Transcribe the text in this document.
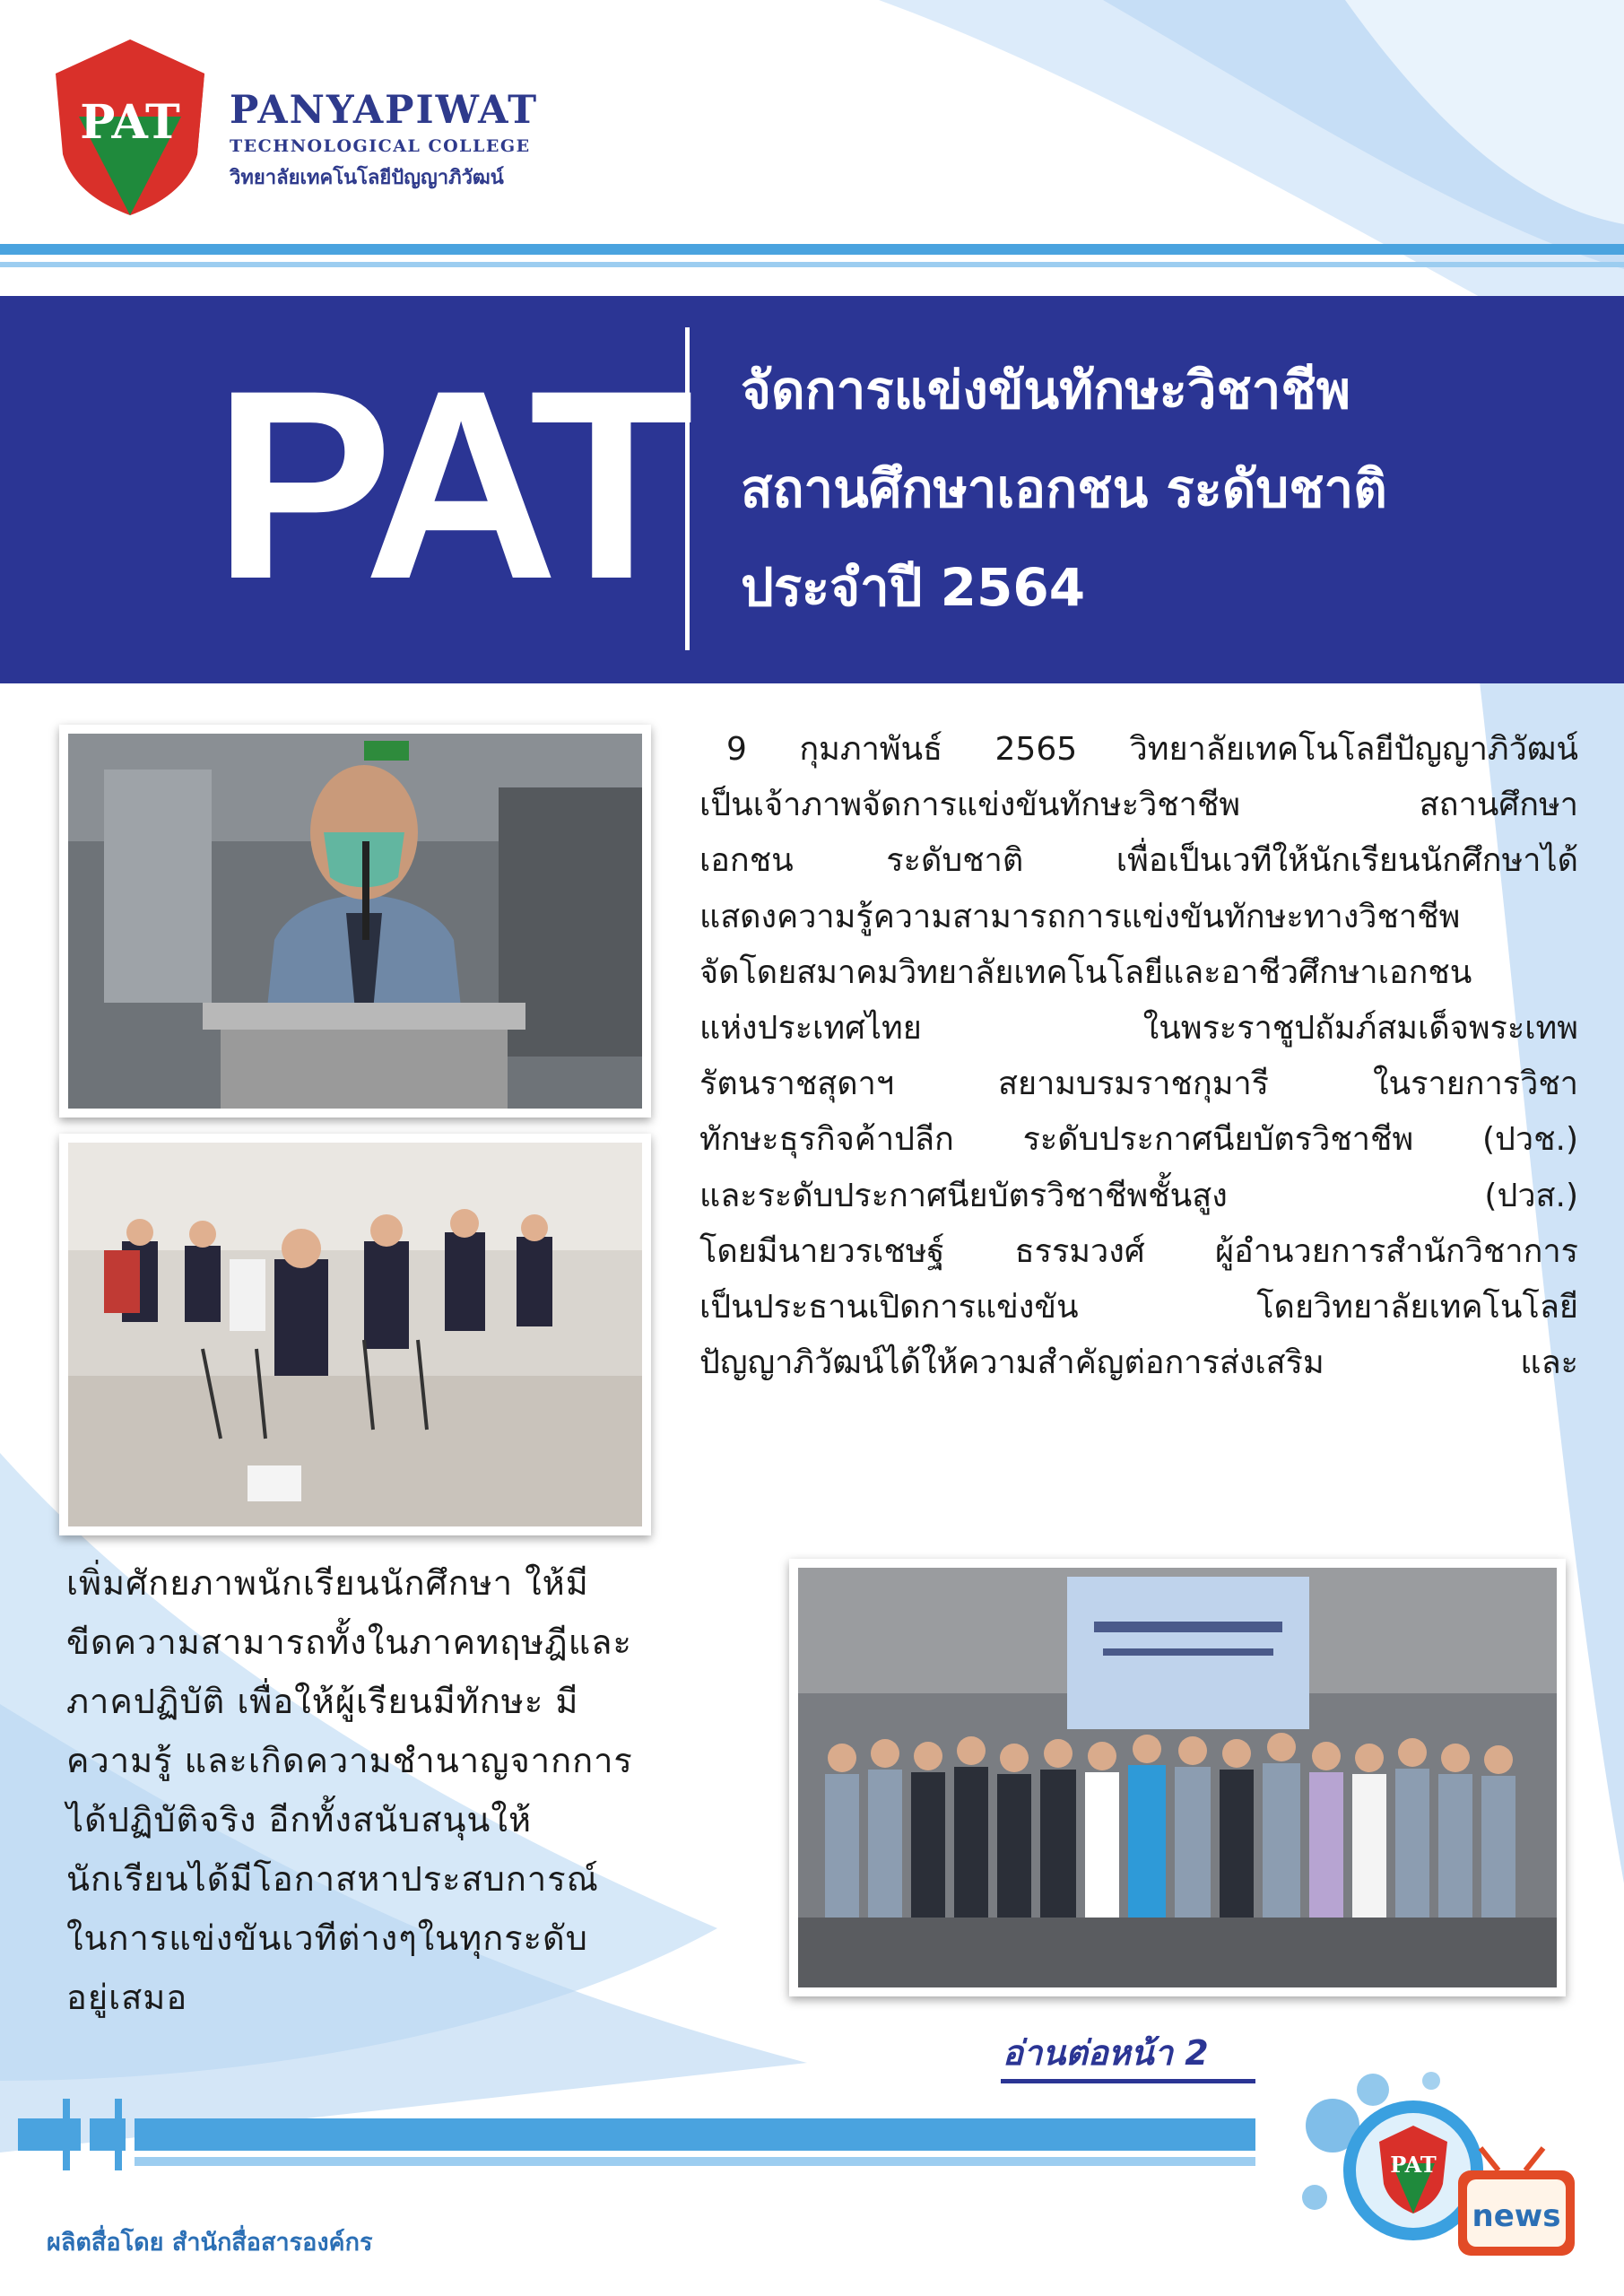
PAT PANYAPIWAT
TECHNOLOGICAL COLLEGE
วิทยาลัยเทคโนโลยีปัญญาภิวัฒน์
PAT จัดการแข่งขันทักษะวิชาชีพ
สถานศึกษาเอกชน ระดับชาติ
ประจำปี 2564

9 กุมภาพันธ์ 2565 วิทยาลัยเทคโนโลยีปัญญาภิวัฒน์

เป็นเจ้าภาพจัดการแข่งขันทักษะวิชาชีพ สถานศึกษา

เอกชน ระดับชาติ เพื่อเป็นเวทีให้นักเรียนนักศึกษาได้

แสดงความรู้ความสามารถการแข่งขันทักษะทางวิชาชีพ

จัดโดยสมาคมวิทยาลัยเทคโนโลยีและอาชีวศึกษาเอกชน

แห่งประเทศไทย ในพระราชูปถัมภ์สมเด็จพระเทพ

รัตนราชสุดาฯ สยามบรมราชกุมารี ในรายการวิชา

ทักษะธุรกิจค้าปลีก ระดับประกาศนียบัตรวิชาชีพ (ปวช.)

และระดับประกาศนียบัตรวิชาชีพชั้นสูง (ปวส.)

โดยมีนายวรเชษฐ์ ธรรมวงศ์ ผู้อำนวยการสำนักวิชาการ

เป็นประธานเปิดการแข่งขัน โดยวิทยาลัยเทคโนโลยี

ปัญญาภิวัฒน์ได้ให้ความสำคัญต่อการส่งเสริม และ

เพิ่มศักยภาพนักเรียนนักศึกษา ให้มี

ขีดความสามารถทั้งในภาคทฤษฎีและ

ภาคปฏิบัติ เพื่อให้ผู้เรียนมีทักษะ มี

ความรู้ และเกิดความชำนาญจากการ

ได้ปฏิบัติจริง อีกทั้งสนับสนุนให้

นักเรียนได้มีโอกาสหาประสบการณ์

ในการแข่งขันเวทีต่างๆในทุกระดับ

อยู่เสมอ

อ่านต่อหน้า 2
ผลิตสื่อโดย สำนักสื่อสารองค์กร
PAT
news
